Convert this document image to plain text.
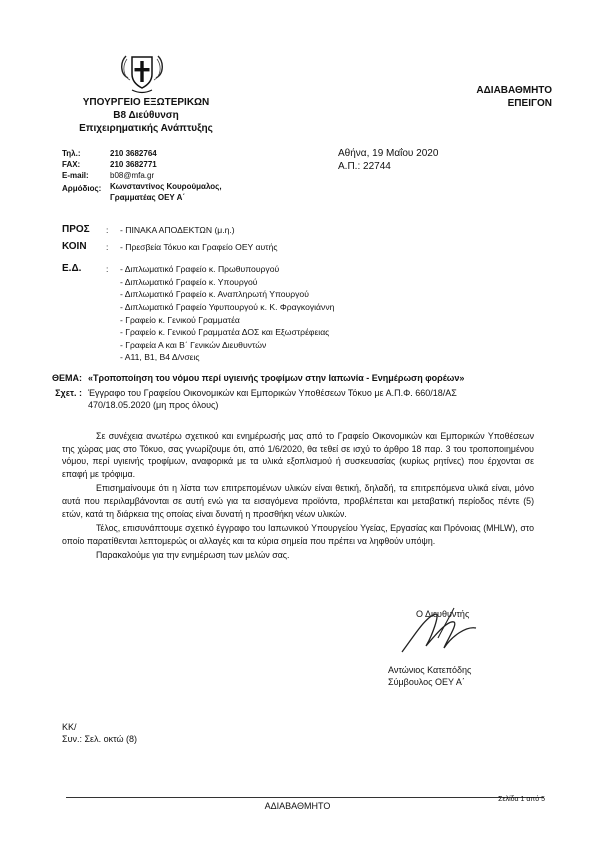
ΥΠΟΥΡΓΕΙΟ ΕΞΩΤΕΡΙΚΩΝ
Β8 Διεύθυνση
Επιχειρηματικής Ανάπτυξης
ΑΔΙΑΒΑΘΜΗΤΟ
ΕΠΕΙΓΟΝ
Τηλ.:	210 3682764
FAX:	210 3682771
E-mail:	b08@mfa.gr
Αρμόδιος:	Κωνσταντίνος Κουρούμαλος,
Γραμματέας ΟΕΥ Α΄
Αθήνα, 19 Μαΐου 2020
Α.Π.: 22744
ΠΡΟΣ	:	- ΠΙΝΑΚΑ ΑΠΟΔΕΚΤΩΝ (μ.η.)
ΚΟΙΝ	:	- Πρεσβεία Τόκυο και Γραφείο ΟΕΥ αυτής
Ε.Δ.	:	- Διπλωματικό Γραφείο κ. Πρωθυπουργού
- Διπλωματικό Γραφείο κ. Υπουργού
- Διπλωματικό Γραφείο κ. Αναπληρωτή Υπουργού
- Διπλωματικό Γραφείο Υφυπουργού κ. Κ. Φραγκογιάννη
- Γραφείο κ. Γενικού Γραμματέα
- Γραφείο κ. Γενικού Γραμματέα ΔΟΣ και Εξωστρέφειας
- Γραφεία Α και Β΄ Γενικών Διευθυντών
- Α11, Β1, Β4 Δ/νσεις
ΘΕΜΑ: «Τροποποίηση του νόμου περί υγιεινής τροφίμων στην Ιαπωνία - Ενημέρωση φορέων»
Σχετ. : Έγγραφο του Γραφείου Οικονομικών και Εμπορικών Υποθέσεων Τόκυο με Α.Π.Φ. 660/18/ΑΣ 470/18.05.2020 (μη προς όλους)

Σε συνέχεια ανωτέρω σχετικού και ενημέρωσής μας από το Γραφείο Οικονομικών και Εμπορικών Υποθέσεων της χώρας μας στο Τόκυο, σας γνωρίζουμε ότι, από 1/6/2020, θα τεθεί σε ισχύ το άρθρο 18 παρ. 3 του τροποποιημένου νόμου, περί υγιεινής τροφίμων, αναφορικά με τα υλικά εξοπλισμού ή συσκευασίας (κυρίως ρητίνες) που έρχονται σε επαφή με τρόφιμα.

Επισημαίνουμε ότι η λίστα των επιτρεπομένων υλικών είναι θετική, δηλαδή, τα επιτρεπόμενα υλικά είναι, μόνο αυτά που περιλαμβάνονται σε αυτή ενώ για τα εισαγόμενα προϊόντα, προβλέπεται και μεταβατική περίοδος πέντε (5) ετών, κατά τη διάρκεια της οποίας είναι δυνατή η προσθήκη νέων υλικών.

Τέλος, επισυνάπτουμε σχετικό έγγραφο του Ιαπωνικού Υπουργείου Υγείας, Εργασίας και Πρόνοιας (MHLW), στο οποίο παρατίθενται λεπτομερώς οι αλλαγές και τα κύρια σημεία που πρέπει να ληφθούν υπόψη.

Παρακαλούμε για την ενημέρωση των μελών σας.

Ο Διευθυντής
Αντώνιος Κατεπόδης
Σύμβουλος ΟΕΥ Α΄
ΚΚ/
Συν.: Σελ. οκτώ (8)
Σελίδα 1 από 5
ΑΔΙΑΒΑΘΜΗΤΟ
